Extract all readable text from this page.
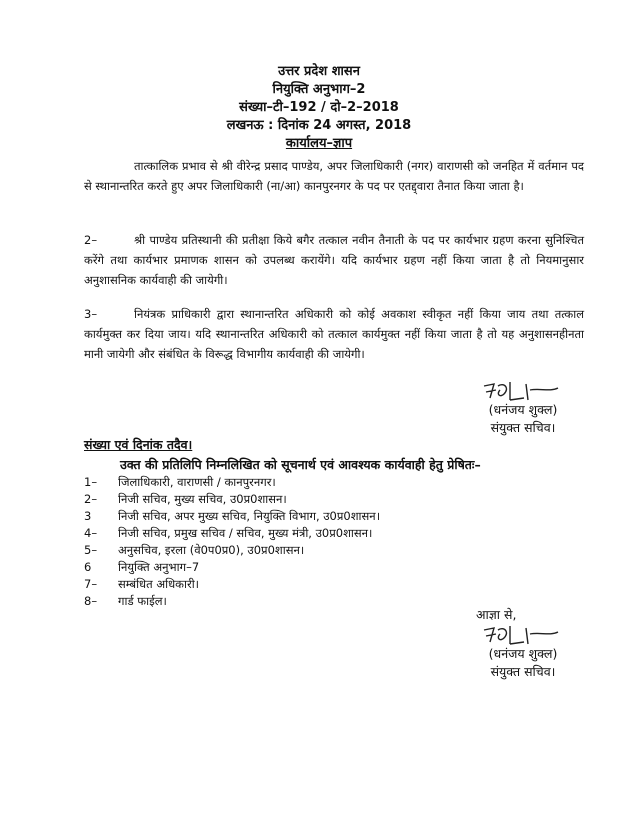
उत्तर प्रदेश शासन
नियुक्ति अनुभाग–2
संख्या–टी–192 / दो–2–2018
लखनऊ : दिनांक 24 अगस्त, 2018
कार्यालय–ज्ञाप
तात्कालिक प्रभाव से श्री वीरेन्द्र प्रसाद पाण्डेय, अपर जिलाधिकारी (नगर) वाराणसी को जनहित में वर्तमान पद से स्थानान्तरित करते हुए अपर जिलाधिकारी (ना/आ) कानपुरनगर के पद पर एतद्द्वारा तैनात किया जाता है।
2–	श्री पाण्डेय प्रतिस्थानी की प्रतीक्षा किये बगैर तत्काल नवीन तैनाती के पद पर कार्यभार ग्रहण करना सुनिश्चित करेंगे तथा कार्यभार प्रमाणक शासन को उपलब्ध करायेंगे। यदि कार्यभार ग्रहण नहीं किया जाता है तो नियमानुसार अनुशासनिक कार्यवाही की जायेगी।
3–	नियंत्रक प्राधिकारी द्वारा स्थानान्तरित अधिकारी को कोई अवकाश स्वीकृत नहीं किया जाय तथा तत्काल कार्यमुक्त कर दिया जाय। यदि स्थानान्तरित अधिकारी को तत्काल कार्यमुक्त नहीं किया जाता है तो यह अनुशासनहीनता मानी जायेगी और संबंधित के विरूद्ध विभागीय कार्यवाही की जायेगी।
(धनंजय शुक्ल)
संयुक्त सचिव।
संख्या एवं दिनांक तदैव।
उक्त की प्रतिलिपि निम्नलिखित को सूचनार्थ एवं आवश्यक कार्यवाही हेतु प्रेषितः–
1–	जिलाधिकारी, वाराणसी / कानपुरनगर।
2–	निजी सचिव, मुख्य सचिव, उ0प्र0शासन।
3	निजी सचिव, अपर मुख्य सचिव, नियुक्ति विभाग, उ0प्र0शासन।
4–	निजी सचिव, प्रमुख सचिव / सचिव, मुख्य मंत्री, उ0प्र0शासन।
5–	अनुसचिव, इरला (वे0प0प्र0), उ0प्र0शासन।
6	नियुक्ति अनुभाग–7
7–	सम्बंधित अधिकारी।
8–	गार्ड फाईल।
आज्ञा से,
(धनंजय शुक्ल)
संयुक्त सचिव।
